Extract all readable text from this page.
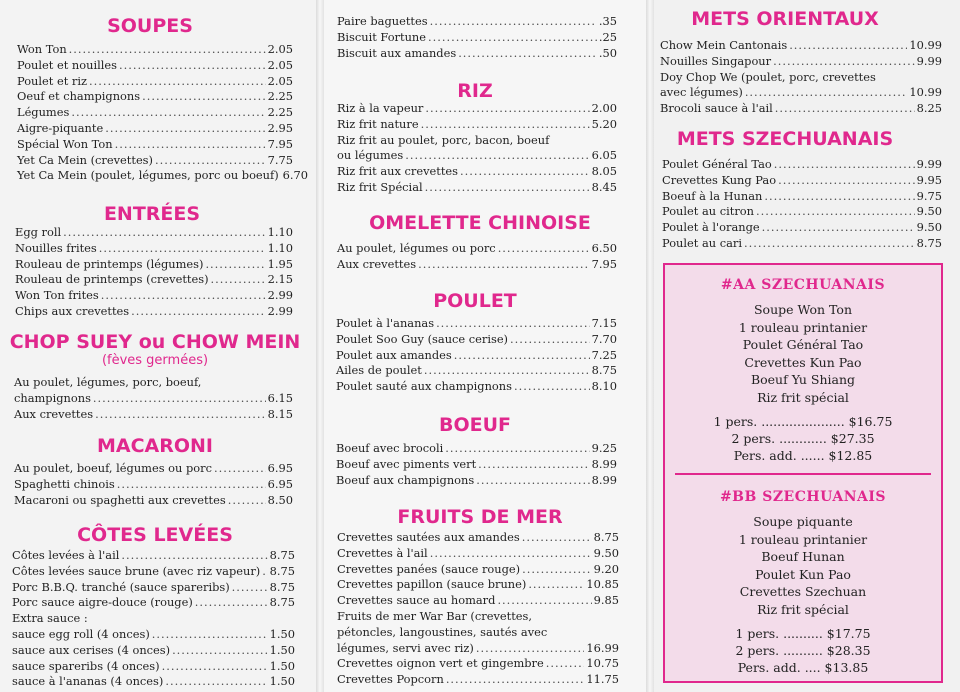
SOUPES
Won Ton .....	2.05
Poulet et nouilles .....	2.05
Poulet et riz .....	2.05
Oeuf et champignons .....	2.25
Légumes .....	2.25
Aigre-piquante .....	2.95
Spécial Won Ton .....	7.95
Yet Ca Mein (crevettes) .....	7.75
Yet Ca Mein (poulet, légumes, porc ou boeuf) 6.70
ENTRÉES
Egg roll .....	1.10
Nouilles frites .....	1.10
Rouleau de printemps (légumes) .....	1.95
Rouleau de printemps (crevettes) .....	2.15
Won Ton frites .....	2.99
Chips aux crevettes .....	2.99
CHOP SUEY ou CHOW MEIN
(fèves germées)
Au poulet, légumes, porc, boeuf,
champignons .....	6.15
Aux crevettes .....	8.15
MACARONI
Au poulet, boeuf, légumes ou porc .....	6.95
Spaghetti chinois .....	6.95
Macaroni ou spaghetti aux crevettes .....	8.50
CÔTES LEVÉES
Côtes levées à l'ail .....	8.75
Côtes levées sauce brune (avec riz vapeur) ..... 8.75
Porc B.B.Q. tranché (sauce spareribs) .....	8.75
Porc sauce aigre-douce (rouge) .....	8.75
Extra sauce :
sauce egg roll (4 onces) .....	1.50
sauce aux cerises (4 onces) .....	1.50
sauce spareribs (4 onces) .....	1.50
sauce à l'ananas (4 onces) .....	1.50
Paire baguettes .....	.35
Biscuit Fortune .....	.25
Biscuit aux amandes .....	.50
RIZ
Riz à la vapeur .....	2.00
Riz frit nature .....	5.20
Riz frit au poulet, porc, bacon, boeuf
ou légumes .....	6.05
Riz frit aux crevettes .....	8.05
Riz frit Spécial .....	8.45
OMELETTE CHINOISE
Au poulet, légumes ou porc .....	6.50
Aux crevettes .....	7.95
POULET
Poulet à l'ananas .....	7.15
Poulet Soo Guy (sauce cerise) .....	7.70
Poulet aux amandes .....	7.25
Ailes de poulet .....	8.75
Poulet sauté aux champignons .....	8.10
BOEUF
Boeuf avec brocoli .....	9.25
Boeuf avec piments vert .....	8.99
Boeuf aux champignons .....	8.99
FRUITS DE MER
Crevettes sautées aux amandes .....	8.75
Crevettes à l'ail .....	9.50
Crevettes panées (sauce rouge) .....	9.20
Crevettes papillon (sauce brune) .....	10.85
Crevettes sauce au homard .....	9.85
Fruits de mer War Bar (crevettes,
pétoncles, langoustines, sautés avec
légumes, servi avec riz) .....	16.99
Crevettes oignon vert et gingembre .....	10.75
Crevettes Popcorn .....	11.75
METS ORIENTAUX
Chow Mein Cantonais .....	10.99
Nouilles Singapour .....	9.99
Doy Chop We (poulet, porc, crevettes
avec légumes) .....	10.99
Brocoli sauce à l'ail .....	8.25
METS SZECHUANAIS
Poulet Général Tao .....	9.99
Crevettes Kung Pao .....	9.95
Boeuf à la Hunan .....	9.75
Poulet au citron .....	9.50
Poulet à l'orange .....	9.50
Poulet au cari .....	8.75
#AA SZECHUANAIS
Soupe Won Ton
1 rouleau printanier
Poulet Général Tao
Crevettes Kun Pao
Boeuf Yu Shiang
Riz frit spécial
1 pers. ..................... $16.75
2 pers. ............ $27.35
Pers. add. ...... $12.85
#BB SZECHUANAIS
Soupe piquante
1 rouleau printanier
Boeuf Hunan
Poulet Kun Pao
Crevettes Szechuan
Riz frit spécial
1 pers. .......... $17.75
2 pers. .......... $28.35
Pers. add. .... $13.85
